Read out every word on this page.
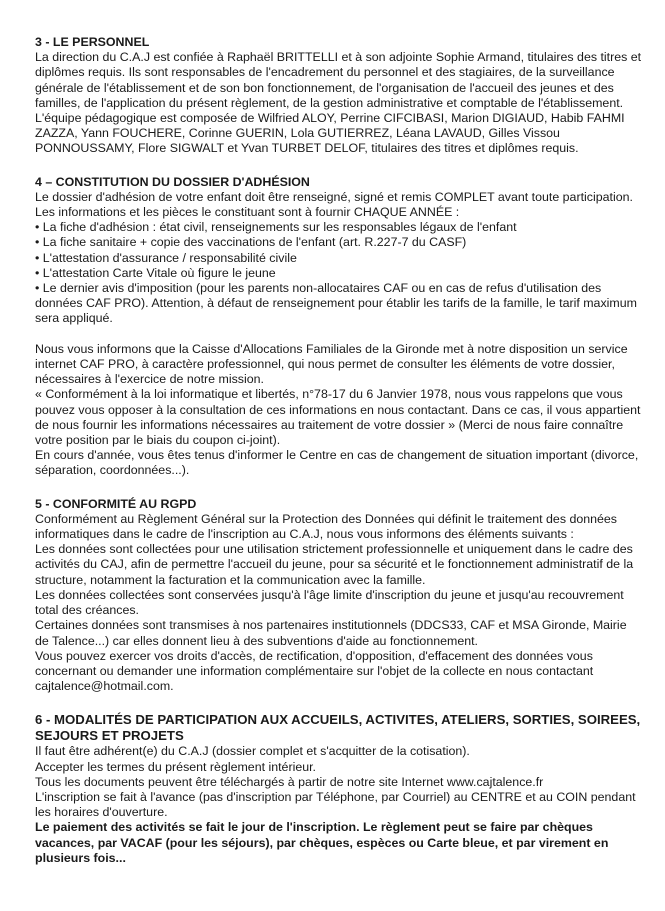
3 - LE PERSONNEL

La direction du C.A.J est confiée à Raphaël BRITTELLI et à son adjointe Sophie Armand, titulaires des titres et diplômes requis. Ils sont responsables de l'encadrement du personnel et des stagiaires, de la surveillance générale de l'établissement et de son bon fonctionnement, de l'organisation de l'accueil des jeunes et des familles, de l'application du présent règlement, de la gestion administrative et comptable de l'établissement.

L'équipe pédagogique est composée de Wilfried ALOY, Perrine CIFCIBASI, Marion DIGIAUD, Habib FAHMI ZAZZA, Yann FOUCHERE, Corinne GUERIN, Lola GUTIERREZ, Léana LAVAUD, Gilles Vissou PONNOUSSAMY, Flore SIGWALT et Yvan TURBET DELOF, titulaires des titres et diplômes requis.

4 – CONSTITUTION DU DOSSIER D'ADHÉSION

Le dossier d'adhésion de votre enfant doit être renseigné, signé et remis COMPLET avant toute participation. Les informations et les pièces le constituant sont à fournir CHAQUE ANNÉE :

• La fiche d'adhésion : état civil, renseignements sur les responsables légaux de l'enfant

• La fiche sanitaire + copie des vaccinations de l'enfant (art. R.227-7 du CASF)

• L'attestation d'assurance / responsabilité civile

• L'attestation Carte Vitale où figure le jeune

• Le dernier avis d'imposition (pour les parents non-allocataires CAF ou en cas de refus d'utilisation des données CAF PRO). Attention, à défaut de renseignement pour établir les tarifs de la famille, le tarif maximum sera appliqué.

Nous vous informons que la Caisse d'Allocations Familiales de la Gironde met à notre disposition un service internet CAF PRO, à caractère professionnel, qui nous permet de consulter les éléments de votre dossier, nécessaires à l'exercice de notre mission.

« Conformément à la loi informatique et libertés, n°78-17 du 6 Janvier 1978, nous vous rappelons que vous pouvez vous opposer à la consultation de ces informations en nous contactant. Dans ce cas, il vous appartient de nous fournir les informations nécessaires au traitement de votre dossier » (Merci de nous faire connaître votre position par le biais du coupon ci-joint).

En cours d'année, vous êtes tenus d'informer le Centre en cas de changement de situation important (divorce, séparation, coordonnées...).

5 - CONFORMITÉ AU RGPD

Conformément au Règlement Général sur la Protection des Données qui définit le traitement des données informatiques dans le cadre de l'inscription au C.A.J, nous vous informons des éléments suivants :

Les données sont collectées pour une utilisation strictement professionnelle et uniquement dans le cadre des activités du CAJ, afin de permettre l'accueil du jeune, pour sa sécurité et le fonctionnement administratif de la structure, notamment la facturation et la communication avec la famille.

Les données collectées sont conservées jusqu'à l'âge limite d'inscription du jeune et jusqu'au recouvrement total des créances.

Certaines données sont transmises à nos partenaires institutionnels (DDCS33, CAF et MSA Gironde, Mairie de Talence...) car elles donnent lieu à des subventions d'aide au fonctionnement.

Vous pouvez exercer vos droits d'accès, de rectification, d'opposition, d'effacement des données vous concernant ou demander une information complémentaire sur l'objet de la collecte en nous contactant cajtalence@hotmail.com.

6 - MODALITÉS DE PARTICIPATION AUX ACCUEILS, ACTIVITES, ATELIERS, SORTIES, SOIREES, SEJOURS ET PROJETS

Il faut être adhérent(e) du C.A.J (dossier complet et s'acquitter de la cotisation).

Accepter les termes du présent règlement intérieur.

Tous les documents peuvent être téléchargés à partir de notre site Internet www.cajtalence.fr

L'inscription se fait à l'avance (pas d'inscription par Téléphone, par Courriel) au CENTRE et au COIN pendant les horaires d'ouverture.

Le paiement des activités se fait le jour de l'inscription. Le règlement peut se faire par chèques vacances, par VACAF (pour les séjours), par chèques, espèces ou Carte bleue, et par virement en plusieurs fois...
